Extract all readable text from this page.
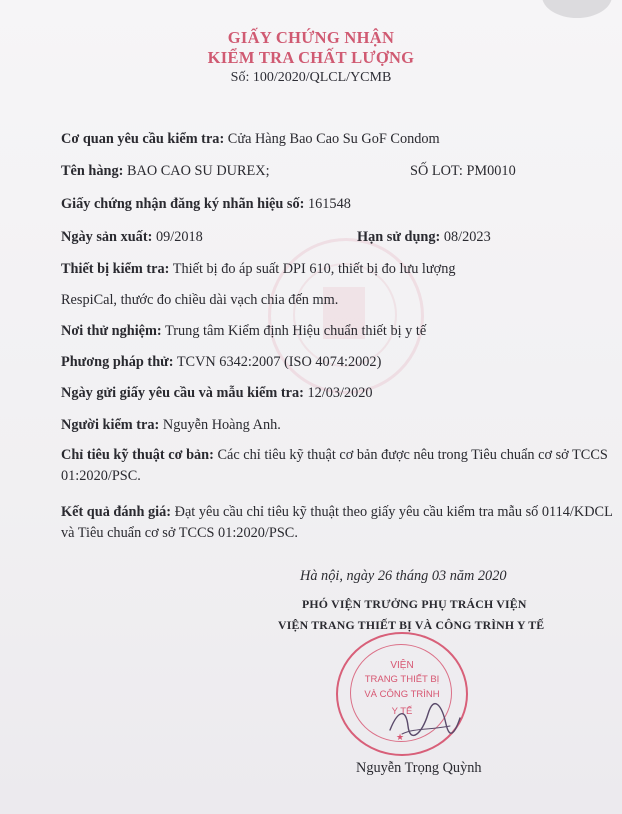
GIẤY CHỨNG NHẬN
KIỂM TRA CHẤT LƯỢNG
Số: 100/2020/QLCL/YCMB
Cơ quan yêu cầu kiểm tra: Cửa Hàng Bao Cao Su GoF Condom
Tên hàng: BAO CAO SU DUREX;	SỐ LOT: PM0010
Giấy chứng nhận đăng ký nhãn hiệu số: 161548
Ngày sản xuất: 09/2018	Hạn sử dụng: 08/2023
Thiết bị kiểm tra: Thiết bị đo áp suất DPI 610, thiết bị đo lưu lượng
RespiCal, thước đo chiều dài vạch chia đến mm.
Nơi thử nghiệm: Trung tâm Kiểm định Hiệu chuẩn thiết bị y tế
Phương pháp thử: TCVN 6342:2007 (ISO 4074:2002)
Ngày gửi giấy yêu cầu và mẫu kiểm tra: 12/03/2020
Người kiểm tra: Nguyễn Hoàng Anh.
Chỉ tiêu kỹ thuật cơ bản: Các chỉ tiêu kỹ thuật cơ bản được nêu trong Tiêu chuẩn cơ sở TCCS 01:2020/PSC.
Kết quả đánh giá: Đạt yêu cầu chỉ tiêu kỹ thuật theo giấy yêu cầu kiểm tra mẫu số 0114/KDCL và Tiêu chuẩn cơ sở TCCS 01:2020/PSC.
Hà nội, ngày 26 tháng 03 năm 2020
PHÓ VIỆN TRƯỞNG PHỤ TRÁCH VIỆN
VIỆN TRANG THIẾT BỊ VÀ CÔNG TRÌNH Y TẾ
VIỆN
TRANG THIẾT BỊ
VÀ CÔNG TRÌNH
Y TẾ
★
Nguyễn Trọng Quỳnh
